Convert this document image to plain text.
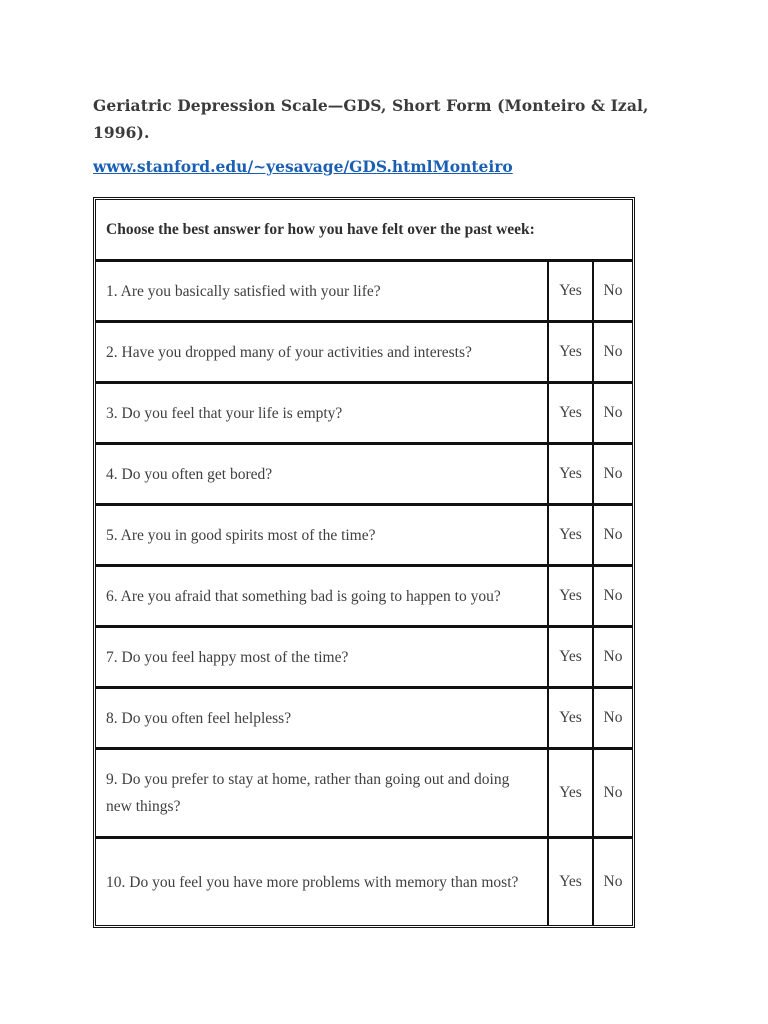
Geriatric Depression Scale—GDS, Short Form (Monteiro & Izal, 1996).

www.stanford.edu/~yesavage/GDS.htmlMonteiro
Choose the best answer for how you have felt over the past week:		
1. Are you basically satisfied with your life?	Yes	No
2. Have you dropped many of your activities and interests?	Yes	No
3. Do you feel that your life is empty?	Yes	No
4. Do you often get bored?	Yes	No
5. Are you in good spirits most of the time?	Yes	No
6. Are you afraid that something bad is going to happen to you?	Yes	No
7. Do you feel happy most of the time?	Yes	No
8. Do you often feel helpless?	Yes	No
9. Do you prefer to stay at home, rather than going out and doing new things?	Yes	No
10. Do you feel you have more problems with memory than most?	Yes	No
